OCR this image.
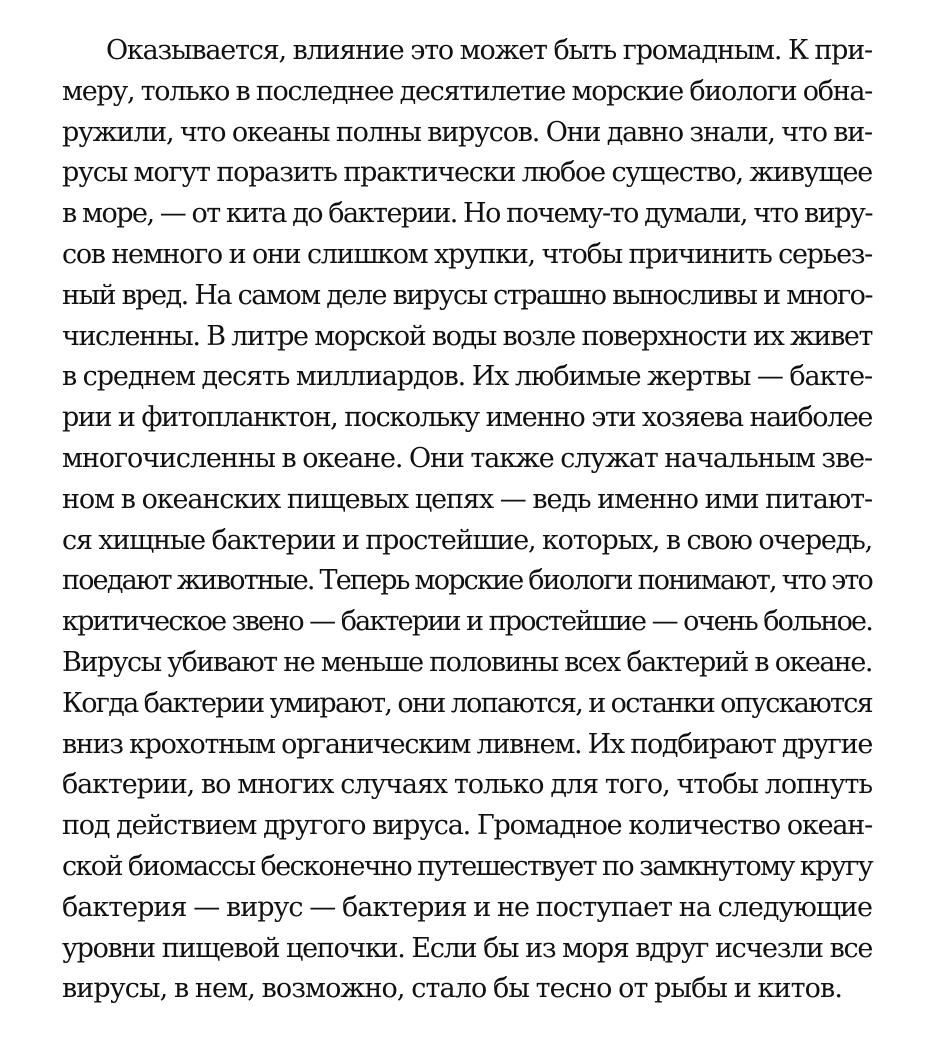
Оказывается, влияние это может быть громадным. К при-
меру, только в последнее десятилетие морские биологи обна-
ружили, что океаны полны вирусов. Они давно знали, что ви-
русы могут поразить практически любое существо, живущее
в море, — от кита до бактерии. Но почему-то думали, что виру-
сов немного и они слишком хрупки, чтобы причинить серьез-
ный вред. На самом деле вирусы страшно выносливы и много-
численны. В литре морской воды возле поверхности их живет
в среднем десять миллиардов. Их любимые жертвы — бакте-
рии и фитопланктон, поскольку именно эти хозяева наиболее
многочисленны в океане. Они также служат начальным зве-
ном в океанских пищевых цепях — ведь именно ими питают-
ся хищные бактерии и простейшие, которых, в свою очередь,
поедают животные. Теперь морские биологи понимают, что это
критическое звено — бактерии и простейшие — очень больное.
Вирусы убивают не меньше половины всех бактерий в океане.
Когда бактерии умирают, они лопаются, и останки опускаются
вниз крохотным органическим ливнем. Их подбирают другие
бактерии, во многих случаях только для того, чтобы лопнуть
под действием другого вируса. Громадное количество океан-
ской биомассы бесконечно путешествует по замкнутому кругу
бактерия — вирус — бактерия и не поступает на следующие
уровни пищевой цепочки. Если бы из моря вдруг исчезли все
вирусы, в нем, возможно, стало бы тесно от рыбы и китов.
